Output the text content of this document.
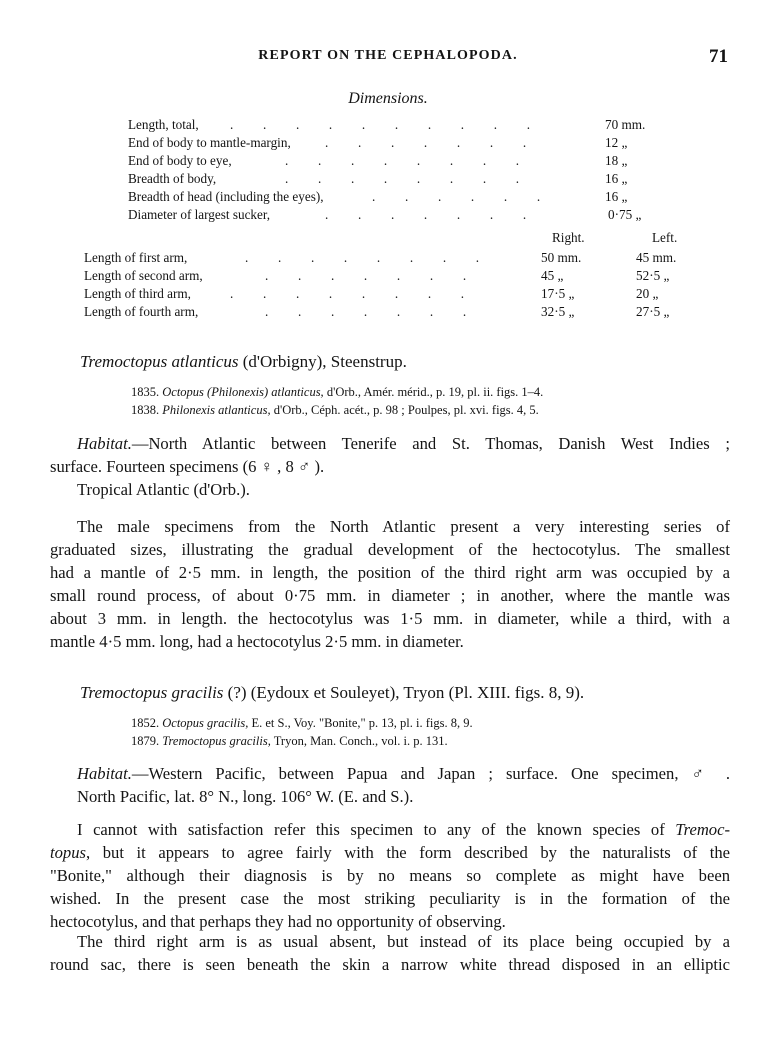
REPORT ON THE CEPHALOPODA.	71
Dimensions.
Length, total, .         .         .         .         .         .         .         .         .         .	70 mm.
End of body to mantle-margin,	.         .         .         .         .         .         .	12 „
End of body to eye,	.         .         .         .         .         .         .         .	18 „
Breadth of body,	.         .         .         .         .         .         .         .	16 „
Breadth of head (including the eyes),	.         .         .         .         .         .	16 „
Diameter of largest sucker,	.         .         .         .         .         .         .	0·75 „
Right.	Left.
Length of first arm,	.         .         .         .         .         .         .         .	50 mm.	45 mm.
Length of second arm,	.         .         .         .         .         .         .	45 „	52·5 „
Length of third arm,	.         .         .         .         .         .         .         .	17·5 „	20 „
Length of fourth arm,	.         .         .         .         .         .         .	32·5 „	27·5 „
Tremoctopus atlanticus (d'Orbigny), Steenstrup.
1835. Octopus (Philonexis) atlanticus, d'Orb., Amér. mérid., p. 19, pl. ii. figs. 1–4.
1838. Philonexis atlanticus, d'Orb., Céph. acét., p. 98 ; Poulpes, pl. xvi. figs. 4, 5.
Habitat.—North Atlantic between Tenerife and St. Thomas, Danish West Indies ;
surface. Fourteen specimens (6 ♀ , 8 ♂ ).
Tropical Atlantic (d'Orb.).
The male specimens from the North Atlantic present a very interesting series of
graduated sizes, illustrating the gradual development of the hectocotylus. The smallest
had a mantle of 2·5 mm. in length, the position of the third right arm was occupied by a
small round process, of about 0·75 mm. in diameter ; in another, where the mantle was
about 3 mm. in length. the hectocotylus was 1·5 mm. in diameter, while a third, with a
mantle 4·5 mm. long, had a hectocotylus 2·5 mm. in diameter.
Tremoctopus gracilis (?) (Eydoux et Souleyet), Tryon (Pl. XIII. figs. 8, 9).
1852. Octopus gracilis, E. et S., Voy. "Bonite," p. 13, pl. i. figs. 8, 9.
1879. Tremoctopus gracilis, Tryon, Man. Conch., vol. i. p. 131.
Habitat.—Western Pacific, between Papua and Japan ; surface. One specimen, ♂ .
North Pacific, lat. 8° N., long. 106° W. (E. and S.).
I cannot with satisfaction refer this specimen to any of the known species of Tremoc-
topus, but it appears to agree fairly with the form described by the naturalists of the
"Bonite," although their diagnosis is by no means so complete as might have been
wished. In the present case the most striking peculiarity is in the formation of the
hectocotylus, and that perhaps they had no opportunity of observing.
The third right arm is as usual absent, but instead of its place being occupied by a
round sac, there is seen beneath the skin a narrow white thread disposed in an elliptic
